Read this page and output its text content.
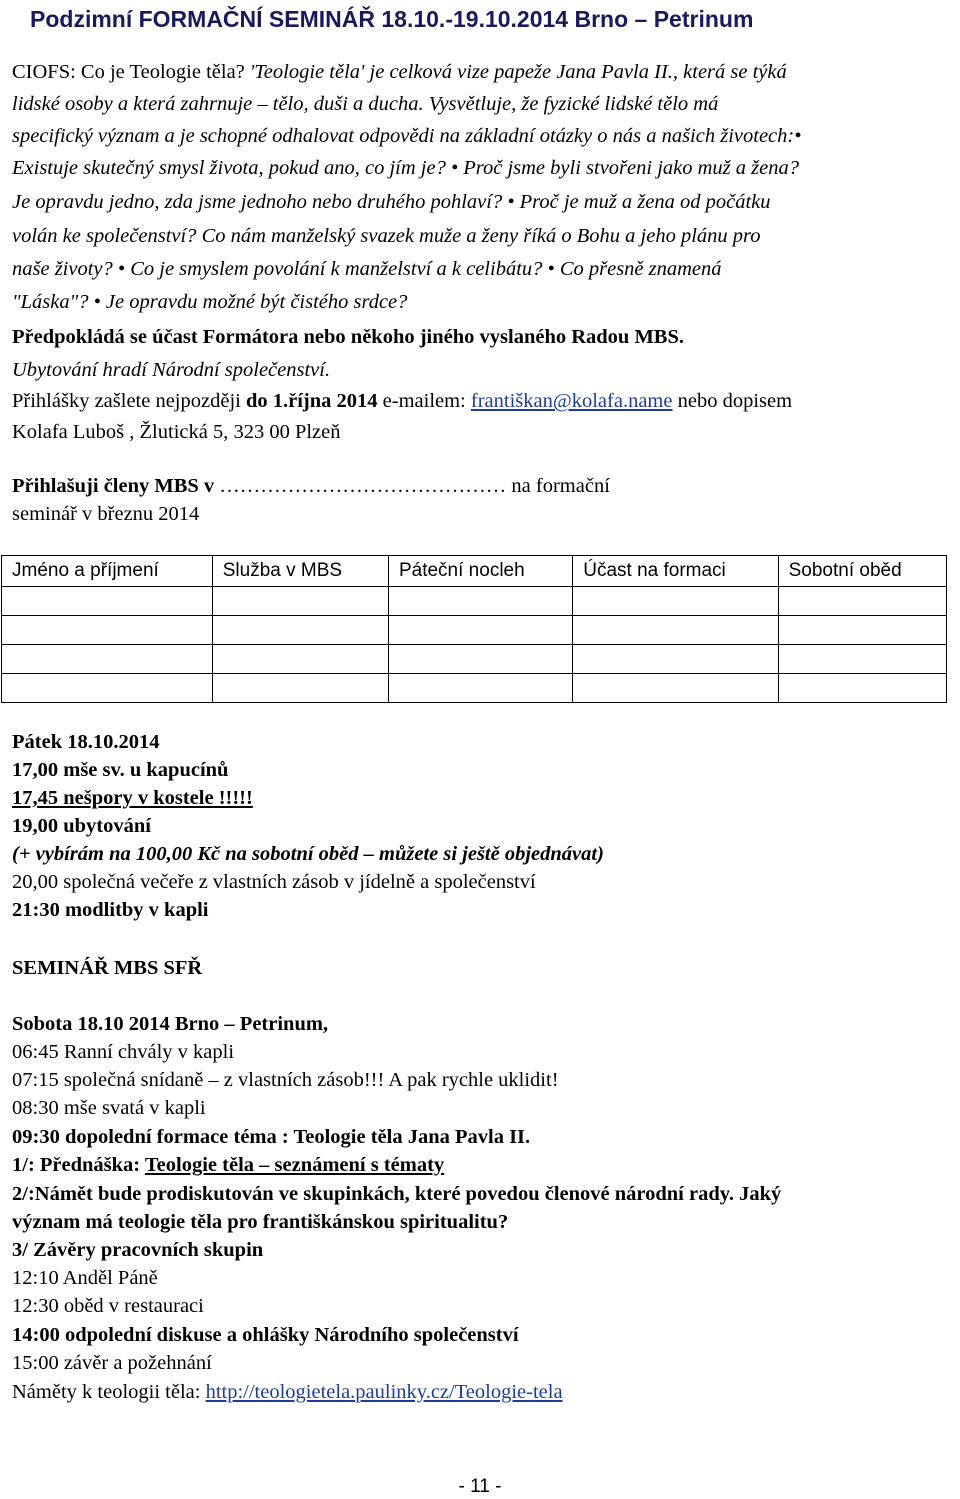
Podzimní FORMAČNÍ SEMINÁŘ 18.10.-19.10.2014 Brno – Petrinum
CIOFS: Co je Teologie těla? 'Teologie těla' je celková vize papeže Jana Pavla II., která se týká
lidské osoby a která zahrnuje – tělo, duši a ducha. Vysvětluje, že fyzické lidské tělo má
specifický význam a je schopné odhalovat odpovědi na základní otázky o nás a našich životech:•
Existuje skutečný smysl života, pokud ano, co jím je? • Proč jsme byli stvořeni jako muž a žena?
Je opravdu jedno, zda jsme jednoho nebo druhého pohlaví? • Proč je muž a žena od počátku
volán ke společenství? Co nám manželský svazek muže a ženy říká o Bohu a jeho plánu pro
naše životy? • Co je smyslem povolání k manželství a k celibátu? • Co přesně znamená
"Láska"? • Je opravdu možné být čistého srdce?
Předpokládá se účast Formátora nebo někoho jiného vyslaného Radou MBS.
Ubytování hradí Národní společenství.
Přihlášky zašlete nejpozději do 1.října 2014 e-mailem: františkan@kolafa.name nebo dopisem
Kolafa Luboš , Žlutická 5, 323 00 Plzeň
Přihlašuji členy MBS v …………………………………… na formační
seminář v březnu 2014
Jméno a příjmení	Služba v MBS	Páteční nocleh	Účast na formaci	Sobotní oběd

Pátek 18.10.2014
17,00 mše sv. u kapucínů
17,45 nešpory v kostele !!!!!
19,00 ubytování
(+ vybírám na 100,00 Kč na sobotní oběd – můžete si ještě objednávat)
20,00 společná večeře z vlastních zásob v jídelně a společenství
21:30 modlitby v kapli
SEMINÁŘ MBS SFŘ
Sobota 18.10 2014 Brno – Petrinum,
06:45 Ranní chvály v kapli
07:15 společná snídaně – z vlastních zásob!!! A pak rychle uklidit!
08:30 mše svatá v kapli
09:30 dopolední formace téma : Teologie těla Jana Pavla II.
1/: Přednáška: Teologie těla – seznámení s tématy
2/:Námět bude prodiskutován ve skupinkách, které povedou členové národní rady. Jaký
význam má teologie těla pro františkánskou spiritualitu?
3/ Závěry pracovních skupin
12:10 Anděl Páně
12:30 oběd v restauraci
14:00 odpolední diskuse a ohlášky Národního společenství
15:00 závěr a požehnání
Náměty k teologii těla: http://teologietela.paulinky.cz/Teologie-tela
- 11 -
